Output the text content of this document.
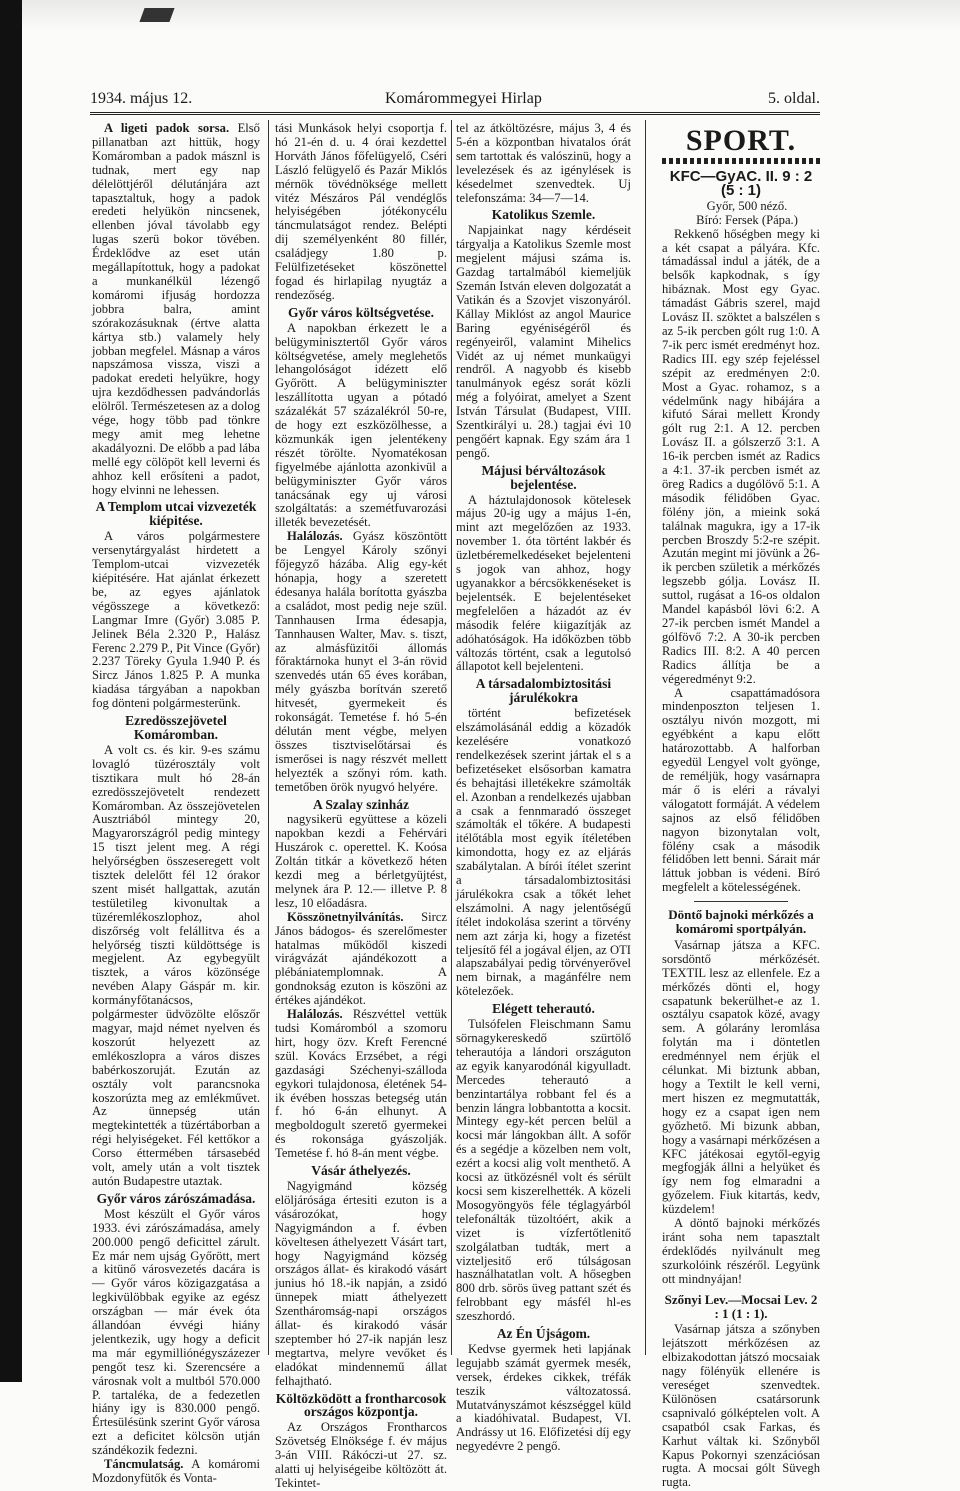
1934. május 12.	Komárommegyei Hirlap	5. oldal.

A ligeti padok sorsa. Első pillanatban azt hittük, hogy Komáromban a padok másznl is tudnak, mert egy nap délelöttjéről délutánjára azt tapasztaltuk, hogy a padok eredeti helyükön nincsenek, ellenben jóval távolabb egy lugas szerü bokor tövében. Érdeklődve az eset után megállapítottuk, hogy a padokat a munkanélkül lézengő komáromi ifjuság hordozza jobbra balra, amint szórakozásuknak (értve alatta kártya stb.) valamely hely jobban megfelel. Másnap a város napszámosa vissza, viszi a padokat eredeti helyükre, hogy ujra kezdődhessen padvándorlás elölről. Természetesen az a dolog vége, hogy több pad tönkre megy amit meg lehetne akadályozni. De előbb a pad lába mellé egy cölöpöt kell leverni és ahhoz kell erősíteni a padot, hogy elvinni ne lehessen.

A Templom utcai vizvezeték kiépitése.

A város polgármestere versenytárgyalást hirdetett a Templom-utcai vizvezeték kiépitésére. Hat ajánlat érkezett be, az egyes ajánlatok végösszege a következő: Langmar Imre (Győr) 3.085 P. Jelinek Béla 2.320 P., Halász Ferenc 2.279 P., Pit Vince (Győr) 2.237 Töreky Gyula 1.940 P. és Sircz János 1.825 P. A munka kiadása tárgyában a napokban fog dönteni polgármesterünk.

Ezredösszejövetel Komáromban.

A volt cs. és kir. 9-es számu lovagló tüzérosztály volt tisztikara mult hó 28-án ezredösszejövetelt rendezett Komáromban. Az összejövetelen Ausztriából mintegy 20, Magyarországról pedig mintegy 15 tiszt jelent meg. A régi helyőrségben összeseregett volt tisztek delelőtt fél 12 órakor szent misét hallgattak, azután testületileg kivonultak a tüzéremlékoszlophoz, ahol diszőrség volt felállitva és a helyőrség tiszti küldöttsége is megjelent. Az egybegyült tisztek, a város közönsége nevében Alapy Gáspár m. kir. kormányfőtanácsos, polgármester üdvözölte előszőr magyar, majd német nyelven és koszorút helyezett az emlékoszlopra a város diszes babérkoszoruját. Ezután az osztály volt parancsnoka koszorúzta meg az emlékművet. Az ünnepség után megtekintették a tüzértáborban a régi helyiségeket. Fél kettőkor a Corso éttermében társasebéd volt, amely után a volt tisztek autón Budapestre utaztak.

Győr város zárószámadása.

Most készült el Győr város 1933. évi zárószámadása, amely 200.000 pengő deficittel zárult. Ez már nem ujság Győrött, mert a kitünő városvezetés dacára is — Győr város közigazgatása a legkivülöbbak egyike az egész országban — már évek óta állandóan évvégi hiány jelentkezik, ugy hogy a deficit ma már egymilliónégyszázezer pengőt tesz ki. Szerencsére a városnak volt a multból 570.000 P. tartaléka, de a fedezetlen hiány igy is 830.000 pengő. Értesülésünk szerint Győr városa ezt a deficitet kölcsön utján szándékozik fedezni.

Táncmulatság. A komáromi Mozdonyfütők és Vonta-

tási Munkások helyi csoportja f. hó 21-én d. u. 4 órai kezdettel Horváth János főfelügyelő, Cséri László felügyelő és Pazár Miklós mérnök tövédnöksége mellett vitéz Mészáros Pál vendéglős helyiségében jótékonycélu táncmulatságot rendez. Belépti dij személyenként 80 fillér, családjegy 1.80 p. Felülfizetéseket köszönettel fogad és hirlapilag nyugtáz a rendezőség.

Győr város költségvetése.

A napokban érkezett le a belügyminisztertől Győr város költségvetése, amely meglehetős lehangolóságot idézett elő Győrött. A belügyminiszter leszállította ugyan a pótadó százalékát 57 százalékról 50-re, de hogy ezt eszközölhesse, a közmunkák igen jelentékeny részét törölte. Nyomatékosan figyelmébe ajánlotta azonkivül a belügyminiszter Győr város tanácsának egy uj városi szolgáltatás: a szemétfuvarozási illeték bevezetését.

Halálozás. Gyász köszöntött be Lengyel Károly szőnyi főjegyző házába. Alig egy-két hónapja, hogy a szeretett édesanya halála borította gyászba a családot, most pedig neje szül. Tannhausen Irma édesapja, Tannhausen Walter, Mav. s. tiszt, az almásfüzitői állomás főraktárnoka hunyt el 3-án rövid szenvedés után 65 éves korában, mély gyászba borítván szerető hitvesét, gyermekeit és rokonságát. Temetése f. hó 5-én délután ment végbe, melyen összes tisztviselőtársai és ismerősei is nagy részvét mellett helyezték a szőnyi róm. kath. temetőben örök nyugvó helyére.

A Szalay szinház

nagysikerü együttese a közeli napokban kezdi a Fehérvári Huszárok c. operettel. K. Koósa Zoltán titkár a következő héten kezdi meg a bérletgyüjtést, melynek ára P. 12.— illetve P. 8 lesz, 10 előadásra.

Kösszönetnyilvánítás. Sircz János bádogos- és szerelőmester hatalmas működől kiszedi virágvázát ajándékozott a plébániatemplomnak. A gondnokság ezuton is köszöni az értékes ajándékot.

Halálozás. Részvéttel vettük tudsi Komáromból a szomoru hirt, hogy özv. Kreft Ferencné szül. Kovács Erzsébet, a régi gazdasági Széchenyi-szálloda egykori tulajdonosa, életének 54-ik évében hosszas betegség után f. hó 6-án elhunyt. A megboldogult szerető gyermekei és rokonsága gyászolják. Temetése f. hó 8-án ment végbe.

Vásár áthelyezés.

Nagyigmánd község elöljárósága értesiti ezuton is a vásározókat, hogy Nagyigmándon a f. évben köveltesen áthelyezett Vásárt tart, hogy Nagyigmánd község országos állat- és kirakodó vásárt junius hó 18.-ik napján, a zsidó ünnepek miatt áthelyezett Szentháromság-napi országos állat- és kirakodó vásár szeptember hó 27-ik napján lesz megtartva, melyre vevőket és eladókat mindennemű állat felhajtható.

Költözködött a frontharcosok országos központja.

Az Országos Frontharcos Szövetség Elnöksége f. év május 3-án VIII. Rákóczi-ut 27. sz. alatti uj helyiségeibe költözött át. Tekintet-

tel az átköltözésre, május 3, 4 és 5-én a központban hivatalos órát sem tartottak és valószinü, hogy a levelezések és az igénylések is késedelmet szenvedtek. Uj telefonszáma: 34—7—14.

Katolikus Szemle.

Napjainkat nagy kérdéseit tárgyalja a Katolikus Szemle most megjelent májusi száma is. Gazdag tartalmából kiemeljük Szemán István eleven dolgozatát a Vatikán és a Szovjet viszonyáról. Kállay Miklóst az angol Maurice Baring egyéniségéről és regényeiről, valamint Mihelics Vidét az uj német munkaügyi rendről. A nagyobb és kisebb tanulmányok egész sorát közli még a folyóirat, amelyet a Szent István Társulat (Budapest, VIII. Szentkirályi u. 28.) tagjai évi 10 pengőért kapnak. Egy szám ára 1 pengő.

Májusi bérváltozások bejelentése.

A háztulajdonosok kötelesek május 20-ig ugy a május 1-én, mint azt megelőzően az 1933. november 1. óta történt lakbér és üzletbéremelkedéseket bejelenteni s jogok van ahhoz, hogy ugyanakkor a bércsökkenéseket is bejelentsék. E bejelentéseket megfelelően a házadót az év második felére kiigazítják az adóhatóságok. Ha időközben több változás történt, csak a legutolsó állapotot kell bejelenteni.

A társadalombiztositási járulékokra

történt befizetések elszámolásánál eddig a közadók kezelésére vonatkozó rendelkezések szerint jártak el s a befizetéseket elsősorban kamatra és behajtási illetékekre számolták el. Azonban a rendelkezés ujabban a csak a fennmaradó összeget számolták el tőkére. A budapesti itélőtábla most egyik ítéletében kimondotta, hogy ez az eljárás szabálytalan. A bírói ítélet szerint a társadalombiztositási járulékokra csak a tőkét lehet elszámolni. A nagy jelentőségű ítélet indokolása szerint a törvény nem azt zárja ki, hogy a fizetést teljesítő fél a jogával éljen, az OTI alapszabályai pedig törvényerővel nem birnak, a magánfélre nem kötelezőek.

Elégett teherautó.

Tulsófelen Fleischmann Samu sörnagykereskedő szürtölő teherautója a lándori országuton az egyik kanyarodónál kigyulladt. Mercedes teherautó a benzintartálya robbant fel és a benzin lángra lobbantotta a kocsit. Mintegy egy-két percen belül a kocsi már lángokban állt. A sofőr és a segédje a közelben nem volt, ezért a kocsi alig volt menthető. A kocsi az ütközésnél volt és sérült kocsi sem kiszerelhették. A közeli Mosogyöngyös féle téglagyárból telefonálták tüzoltóért, akik a vizet is vízfertőtlenitő szolgálatban tudták, mert a vizteljesitő erő túlságosan használhatatlan volt. A hősegben 800 drb. sörös üveg pattant szét és felrobbant egy másfél hl-es szeszhordó.

Az Én Újságom.

Kedvse gyermek heti lapjának legujabb számát gyermek mesék, versek, érdekes cikkek, tréfák teszik változatossá. Mutatványszámot készséggel küld a kiadóhivatal. Budapest, VI. Andrássy ut 16. Előfizetési díj egy negyedévre 2 pengő.

SPORT.
KFC—GyAC. II. 9 : 2 (5 : 1)

Győr, 500 néző.

Bíró: Fersek (Pápa.)

Rekkenő hőségben megy ki a két csapat a pályára. Kfc. támadással indul a játék, de a belsők kapkodnak, s így hibáznak. Most egy Gyac. támadást Gábris szerel, majd Lovász II. szöktet a balszélen s az 5-ik percben gólt rug 1:0. A 7-ik perc ismét eredményt hoz. Radics III. egy szép fejeléssel szépit az eredményen 2:0. Most a Gyac. rohamoz, s a védelműnk nagy hibájára a kifutó Sárai mellett Krondy gólt rug 2:1. A 12. percben Lovász II. a gólszerző 3:1. A 16-ik percben ismét az Radics a 4:1. 37-ik percben ismét az öreg Radics a dugólövő 5:1. A második félidőben Gyac. fölény jön, a mieink soká találnak magukra, igy a 17-ik percben Broszdy 5:2-re szépit. Azután megint mi jövünk a 26-ik percben születik a mérkőzés legszebb gólja. Lovász II. suttol, rugásat a 16-os oldalon Mandel kapásból lövi 6:2. A 27-ik percben ismét Mandel a gólfövő 7:2. A 30-ik percben Radics III. 8:2. A 40 percen Radics állítja be a végeredményt 9:2.

A csapattámadósora mindenposzton teljesen 1. osztályu nivón mozgott, mi egyébként a kapu előtt határozottabb. A halforban egyedül Lengyel volt gyönge, de reméljük, hogy vasárnapra már ő is eléri a rávalyi válogatott formáját. A védelem sajnos az első félidőben nagyon bizonytalan volt, fölény csak a második félidőben lett benni. Sárait már láttuk jobban is védeni. Bíró megfelelt a kötelességének.

Döntő bajnoki mérkőzés a komáromi sportpályán.

Vasárnap játsza a KFC. sorsdöntő mérkőzését. TEXTIL lesz az ellenfele. Ez a mérkőzés dönti el, hogy csapatunk bekerülhet-e az 1. osztályu csapatok közé, avagy sem. A gólarány leromlása folytán ma i döntetlen eredménnyel nem érjük el célunkat. Mi biztunk abban, hogy a Textilt le kell verni, mert hiszen ez megmutatták, hogy ez a csapat igen nem győzhető. Mi bizunk abban, hogy a vasárnapi mérkőzésen a KFC játékosai egytől-egyig megfogják állni a helyüket és így nem fog elmaradni a győzelem. Fiuk kitartás, kedv, küzdelem!

A döntő bajnoki mérkőzés iránt soha nem tapasztalt érdeklődés nyilvánult meg szurkolóink részéről. Legyünk ott mindnyájan!

Szőnyi Lev.—Mocsai Lev. 2 : 1 (1 : 1).

Vasárnap játsza a szőnyben lejátszott mérkőzésen az elbizakodottan játszó mocsaiak nagy fölényük ellenére is vereséget szenvedtek. Különösen csatársorunk csapnivaló gólképtelen volt. A csapatból csak Farkas, és Karhut váltak ki. Szőnyből Kapus Pokornyi szenzációsan rugta. A mocsai gólt Süvegh rugta.
